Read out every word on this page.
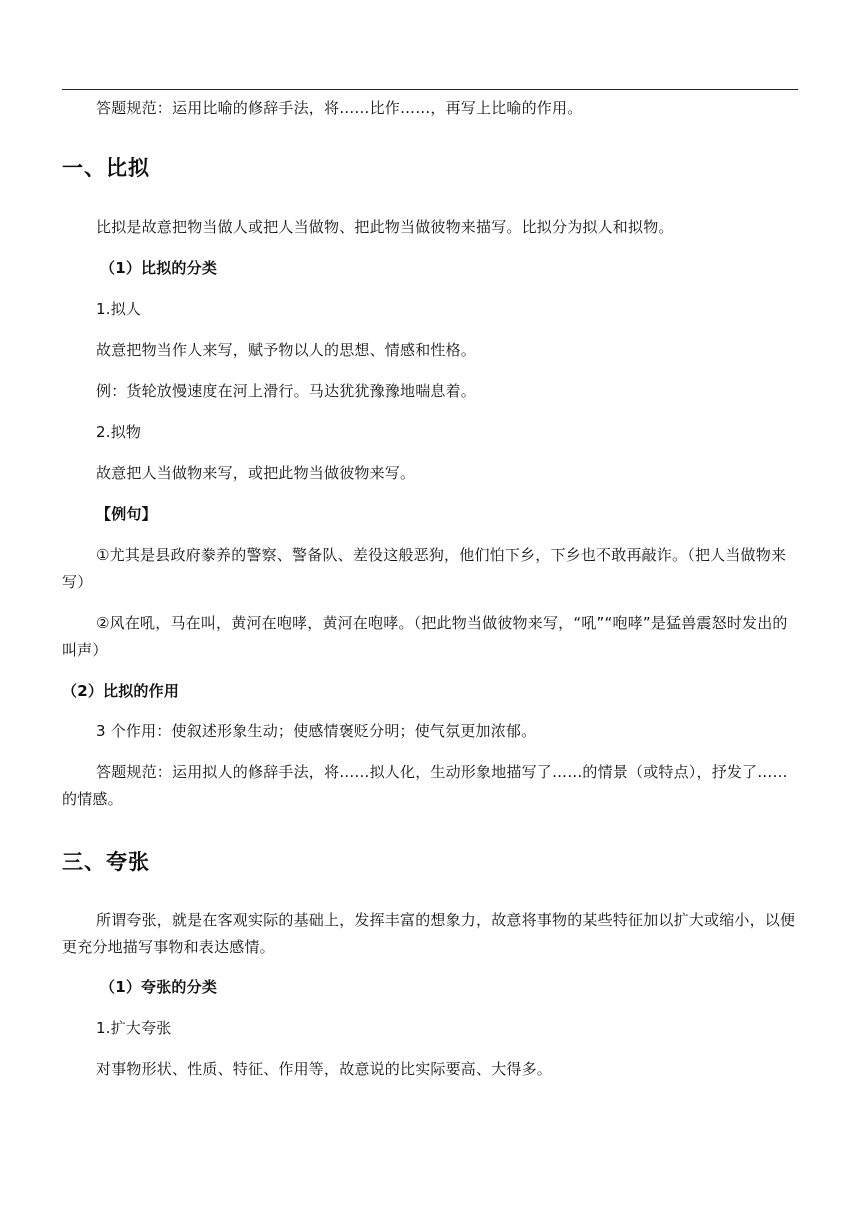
答题规范：运用比喻的修辞手法，将……比作……，再写上比喻的作用。
一、比拟
比拟是故意把物当做人或把人当做物、把此物当做彼物来描写。比拟分为拟人和拟物。
（1）比拟的分类
1.拟人
故意把物当作人来写，赋予物以人的思想、情感和性格。
例：货轮放慢速度在河上滑行。马达犹犹豫豫地喘息着。
2.拟物
故意把人当做物来写，或把此物当做彼物来写。
【例句】
①尤其是县政府豢养的警察、警备队、差役这般恶狗，他们怕下乡，下乡也不敢再敲诈。（把人当做物来写）
②风在吼，马在叫，黄河在咆哮，黄河在咆哮。（把此物当做彼物来写，“吼”“咆哮”是猛兽震怒时发出的叫声）
（2）比拟的作用
3 个作用：使叙述形象生动；使感情褒贬分明；使气氛更加浓郁。
答题规范：运用拟人的修辞手法，将……拟人化，生动形象地描写了……的情景（或特点），抒发了……的情感。
三、夸张
所谓夸张，就是在客观实际的基础上，发挥丰富的想象力，故意将事物的某些特征加以扩大或缩小，以便更充分地描写事物和表达感情。
（1）夸张的分类
1.扩大夸张
对事物形状、性质、特征、作用等，故意说的比实际要高、大得多。
